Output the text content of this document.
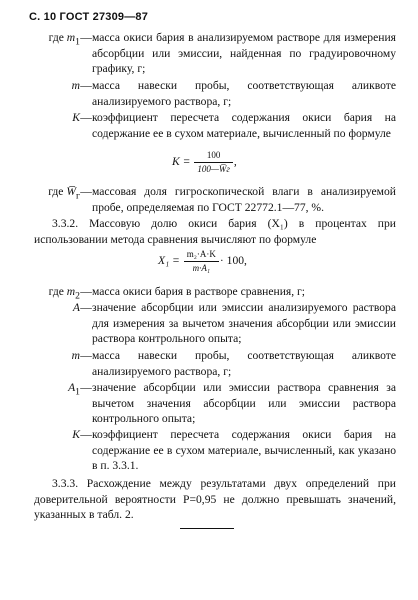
С. 10 ГОСТ 27309—87
где $m_1$ — масса окиси бария в анализируемом растворе для измерения абсорбции или эмиссии, найденная по градуировочному графику, г;
m — масса навески пробы, соответствующая аликвоте анализируемого раствора, г;
K — коэффициент пересчета содержания окиси бария на содержание ее в сухом материале, вычисленный по формуле
$K = \frac{100}{100—W̅г}$ ,
где $W̅_г$ — массовая доля гигроскопической влаги в анализируемой пробе, определяемая по ГОСТ 22772.1—77, %.
3.3.2. Массовую долю окиси бария (X₁) в процентах при использовании метода сравнения вычисляют по формуле
$X_1 = \frac{\text{m₂·A·K}}{\text{m·A₁}} \cdot 100$,
где $m_2$ — масса окиси бария в растворе сравнения, г;
A — значение абсорбции или эмиссии анализируемого раствора для измерения за вычетом значения абсорбции или эмиссии раствора контрольного опыта;
m — масса навески пробы, соответствующая аликвоте анализируемого раствора, г;
$A_1$ — значение абсорбции или эмиссии раствора сравнения за вычетом значения абсорбции или эмиссии раствора контрольного опыта;
K — коэффициент пересчета содержания окиси бария на содержание ее в сухом материале, вычисленный, как указано в п. 3.3.1.
3.3.3. Расхождение между результатами двух определений при доверительной вероятности P=0,95 не должно превышать значений, указанных в табл. 2.
